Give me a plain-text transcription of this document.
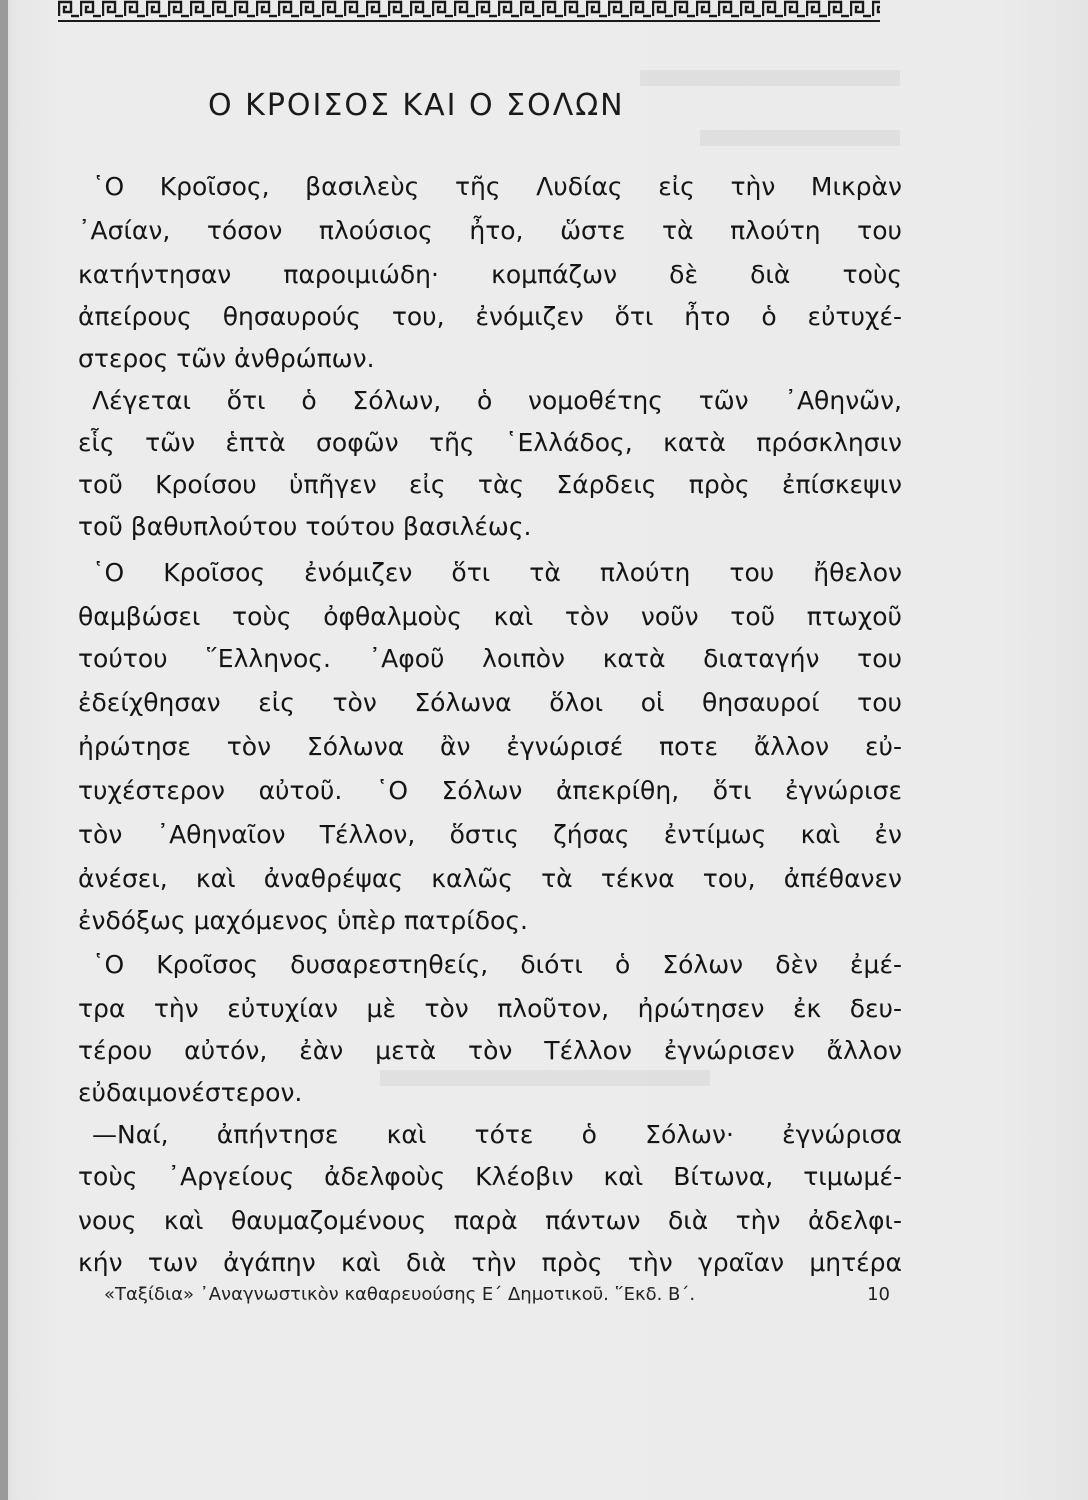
Ο ΚΡΟΙΣΟΣ ΚΑΙ Ο ΣΟΛΩΝ
῾Ο Κροῖσος, βασιλεὺς τῆς Λυδίας εἰς τὴν Μικρὰν
᾿Ασίαν, τόσον πλούσιος ἦτο, ὥστε τὰ πλούτη του
κατήντησαν παροιμιώδη· κομπάζων δὲ διὰ τοὺς
ἀπείρους θησαυρούς του, ἐνόμιζεν ὅτι ἦτο ὁ εὐτυχέ-
στερος τῶν ἀνθρώπων.
Λέγεται ὅτι ὁ Σόλων, ὁ νομοθέτης τῶν ᾿Αθηνῶν,
εἷς τῶν ἑπτὰ σοφῶν τῆς ῾Ελλάδος, κατὰ πρόσκλησιν
τοῦ Κροίσου ὑπῆγεν εἰς τὰς Σάρδεις πρὸς ἐπίσκεψιν
τοῦ βαθυπλούτου τούτου βασιλέως.
῾Ο Κροῖσος ἐνόμιζεν ὅτι τὰ πλούτη του ἤθελον
θαμβώσει τοὺς ὀφθαλμοὺς καὶ τὸν νοῦν τοῦ πτωχοῦ
τούτου ῞Ελληνος. ᾿Αφοῦ λοιπὸν κατὰ διαταγήν του
ἐδείχθησαν εἰς τὸν Σόλωνα ὅλοι οἱ θησαυροί του
ἠρώτησε τὸν Σόλωνα ἂν ἐγνώρισέ ποτε ἄλλον εὐ-
τυχέστερον αὐτοῦ. ῾Ο Σόλων ἀπεκρίθη, ὅτι ἐγνώρισε
τὸν ᾿Αθηναῖον Τέλλον, ὅστις ζήσας ἐντίμως καὶ ἐν
ἀνέσει, καὶ ἀναθρέψας καλῶς τὰ τέκνα του, ἀπέθανεν
ἐνδόξως μαχόμενος ὑπὲρ πατρίδος.
῾Ο Κροῖσος δυσαρεστηθείς, διότι ὁ Σόλων δὲν ἐμέ-
τρα τὴν εὐτυχίαν μὲ τὸν πλοῦτον, ἠρώτησεν ἐκ δευ-
τέρου αὐτόν, ἐὰν μετὰ τὸν Τέλλον ἐγνώρισεν ἄλλον
εὐδαιμονέστερον.
—Ναί, ἀπήντησε καὶ τότε ὁ Σόλων· ἐγνώρισα
τοὺς ᾿Αργείους ἀδελφοὺς Κλέοβιν καὶ Βίτωνα, τιμωμέ-
νους καὶ θαυμαζομένους παρὰ πάντων διὰ τὴν ἀδελφι-
κήν των ἀγάπην καὶ διὰ τὴν πρὸς τὴν γραῖαν μητέρα
«Ταξίδια» ᾿Αναγνωστικὸν καθαρευούσης Ε΄ Δημοτικοῦ. ῞Εκδ. Β΄.	10
